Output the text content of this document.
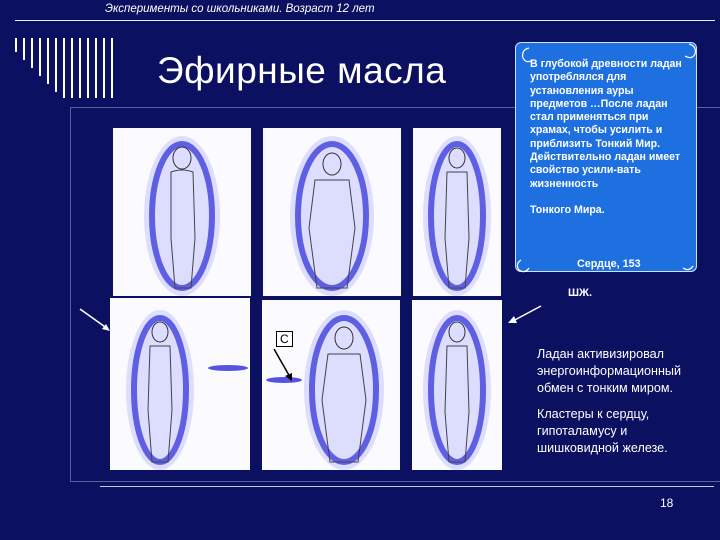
Эксперименты со школьниками. Возраст 12 лет
Эфирные масла
С
В глубокой древности ладан употреблялся для установления ауры предметов …После ладан стал применяться при храмах, чтобы усилить и приблизить Тонкий Мир. Действительно ладан имеет свойство усили-вать жизненность

Тонкого Мира.
Сердце, 153
ШЖ.
Ладан активизировал энергоинформационный обмен с тонким миром.
Кластеры к сердцу, гипоталамусу и шишковидной железе.
18
